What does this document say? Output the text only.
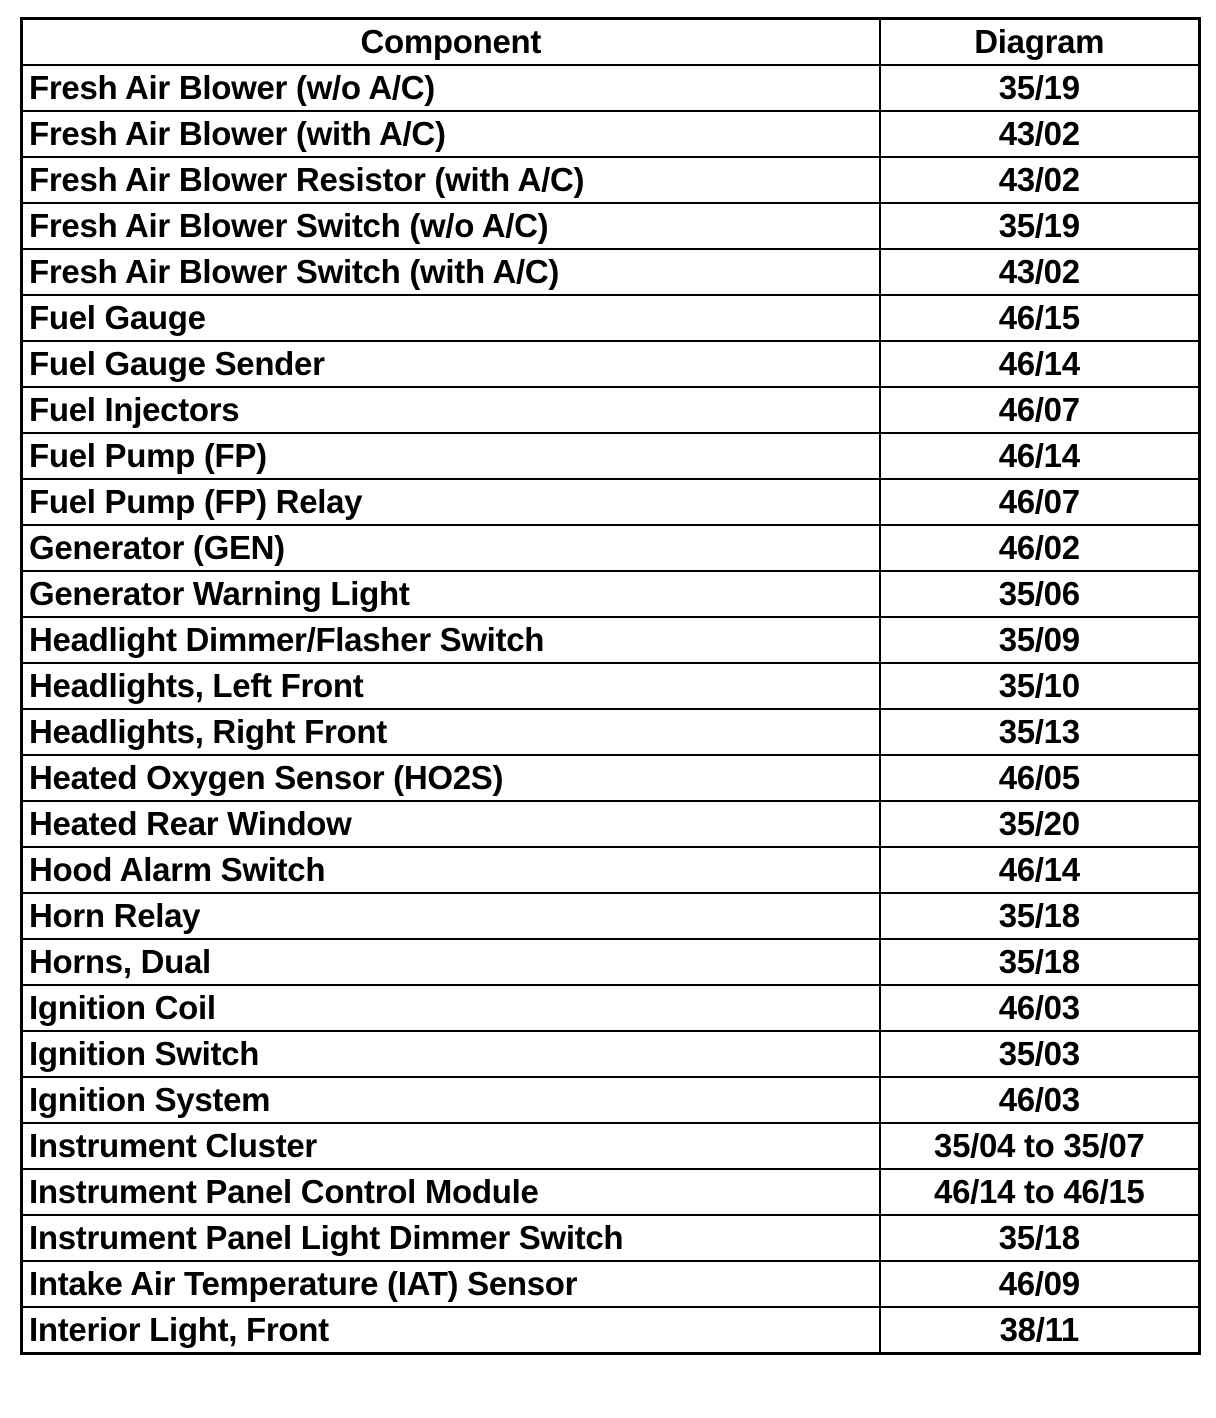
Component	Diagram
Fresh Air Blower (w/o A/C)	35/19
Fresh Air Blower (with A/C)	43/02
Fresh Air Blower Resistor (with A/C)	43/02
Fresh Air Blower Switch (w/o A/C)	35/19
Fresh Air Blower Switch (with A/C)	43/02
Fuel Gauge	46/15
Fuel Gauge Sender	46/14
Fuel Injectors	46/07
Fuel Pump (FP)	46/14
Fuel Pump (FP) Relay	46/07
Generator (GEN)	46/02
Generator Warning Light	35/06
Headlight Dimmer/Flasher Switch	35/09
Headlights, Left Front	35/10
Headlights, Right Front	35/13
Heated Oxygen Sensor (HO2S)	46/05
Heated Rear Window	35/20
Hood Alarm Switch	46/14
Horn Relay	35/18
Horns, Dual	35/18
Ignition Coil	46/03
Ignition Switch	35/03
Ignition System	46/03
Instrument Cluster	35/04 to 35/07
Instrument Panel Control Module	46/14 to 46/15
Instrument Panel Light Dimmer Switch	35/18
Intake Air Temperature (IAT) Sensor	46/09
Interior Light, Front	38/11
